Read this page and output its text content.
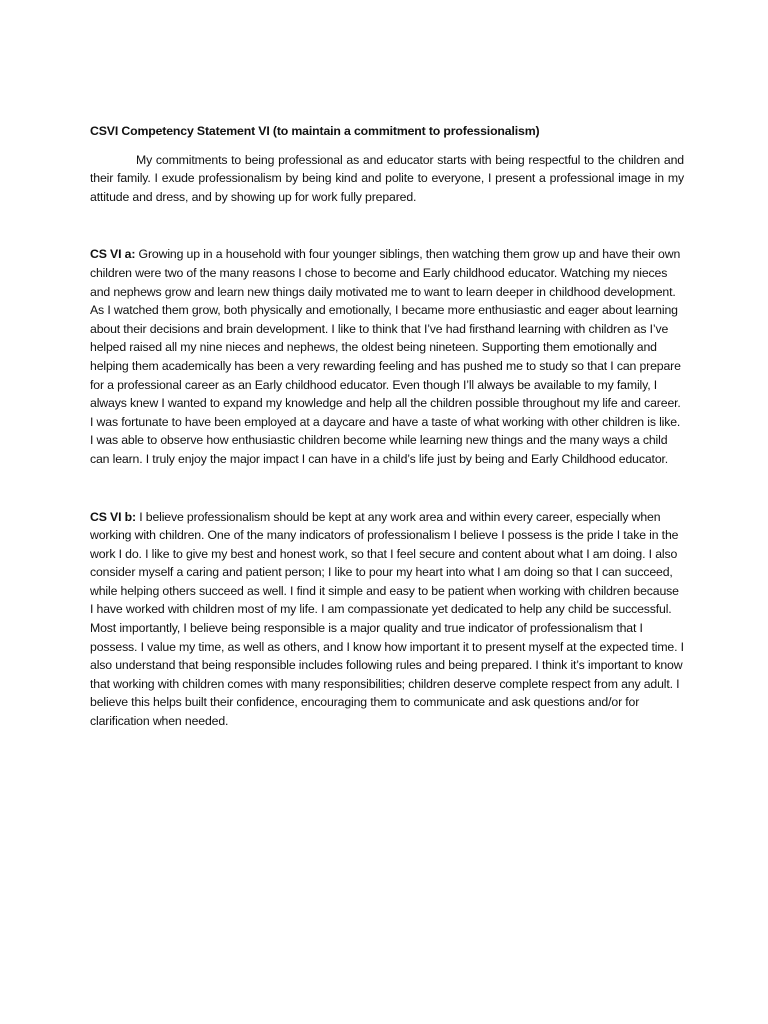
CSVI Competency Statement VI (to maintain a commitment to professionalism)

My commitments to being professional as and educator starts with being respectful to the children and their family. I exude professionalism by being kind and polite to everyone, I present a professional image in my attitude and dress, and by showing up for work fully prepared.

CS VI a: Growing up in a household with four younger siblings, then watching them grow up and have their own children were two of the many reasons I chose to become and Early childhood educator. Watching my nieces and nephews grow and learn new things daily motivated me to want to learn deeper in childhood development. As I watched them grow, both physically and emotionally, I became more enthusiastic and eager about learning about their decisions and brain development. I like to think that I’ve had firsthand learning with children as I’ve helped raised all my nine nieces and nephews, the oldest being nineteen. Supporting them emotionally and helping them academically has been a very rewarding feeling and has pushed me to study so that I can prepare for a professional career as an Early childhood educator. Even though I’ll always be available to my family, I always knew I wanted to expand my knowledge and help all the children possible throughout my life and career. I was fortunate to have been employed at a daycare and have a taste of what working with other children is like. I was able to observe how enthusiastic children become while learning new things and the many ways a child can learn. I truly enjoy the major impact I can have in a child’s life just by being and Early Childhood educator.

CS VI b: I believe professionalism should be kept at any work area and within every career, especially when working with children. One of the many indicators of professionalism I believe I possess is the pride I take in the work I do. I like to give my best and honest work, so that I feel secure and content about what I am doing. I also consider myself a caring and patient person; I like to pour my heart into what I am doing so that I can succeed, while helping others succeed as well. I find it simple and easy to be patient when working with children because I have worked with children most of my life. I am compassionate yet dedicated to help any child be successful. Most importantly, I believe being responsible is a major quality and true indicator of professionalism that I possess. I value my time, as well as others, and I know how important it to present myself at the expected time. I also understand that being responsible includes following rules and being prepared. I think it’s important to know that working with children comes with many responsibilities; children deserve complete respect from any adult. I believe this helps built their confidence, encouraging them to communicate and ask questions and/or for clarification when needed.
